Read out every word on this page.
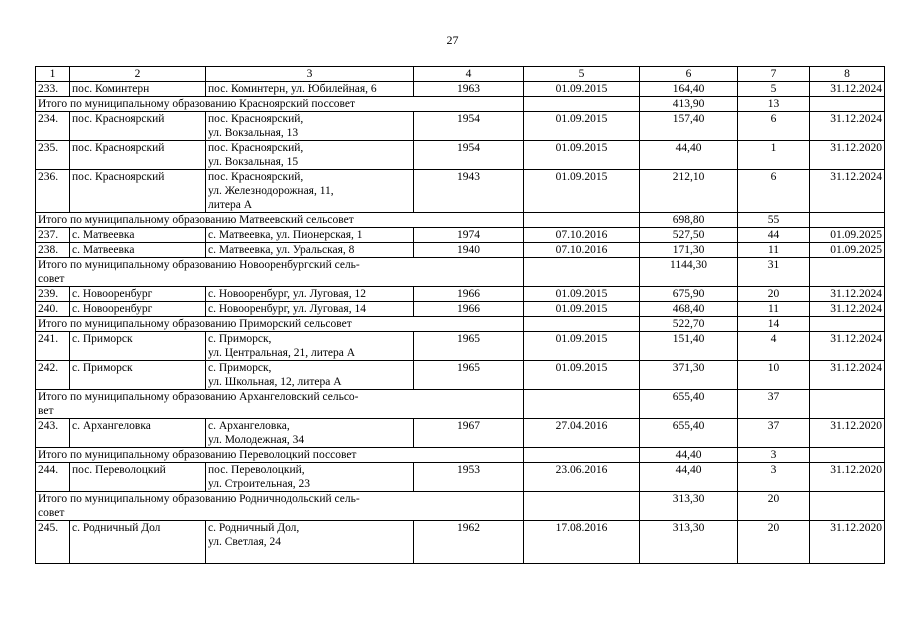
27
1	2	3	4	5	6	7	8
233.	пос. Коминтерн	пос. Коминтерн, ул. Юбилейная, 6	1963	01.09.2015	164,40	5	31.12.2024

Итого по муниципальному образованию Красноярский поссовет					413,90	13	
234.	пос. Красноярский	пос. Красноярский,
ул. Вокзальная, 13	1954	01.09.2015	157,40	6	31.12.2024
235.	пос. Красноярский	пос. Красноярский,
ул. Вокзальная, 15	1954	01.09.2015	44,40	1	31.12.2020
236.	пос. Красноярский	пос. Красноярский,
ул. Железнодорожная, 11,
литера А	1943	01.09.2015	212,10	6	31.12.2024

Итого по муниципальному образованию Матвеевский сельсовет					698,80	55	
237.	с. Матвеевка	с. Матвеевка, ул. Пионерская, 1	1974	07.10.2016	527,50	44	01.09.2025
238.	с. Матвеевка	с. Матвеевка, ул. Уральская, 8	1940	07.10.2016	171,30	11	01.09.2025

Итого по муниципальному образованию Новооренбургский сель-
совет					1144,30	31	
239.	с. Новооренбург	с. Новооренбург, ул. Луговая, 12	1966	01.09.2015	675,90	20	31.12.2024
240.	с. Новооренбург	с. Новооренбург, ул. Луговая, 14	1966	01.09.2015	468,40	11	31.12.2024

Итого по муниципальному образованию Приморский сельсовет					522,70	14	
241.	с. Приморск	с. Приморск,
ул. Центральная, 21, литера А	1965	01.09.2015	151,40	4	31.12.2024
242.	с. Приморск	с. Приморск,
ул. Школьная, 12, литера А	1965	01.09.2015	371,30	10	31.12.2024

Итого по муниципальному образованию Архангеловский сельсо-
вет					655,40	37	
243.	с. Архангеловка	с. Архангеловка,
ул. Молодежная, 34	1967	27.04.2016	655,40	37	31.12.2020

Итого по муниципальному образованию Переволоцкий поссовет					44,40	3	
244.	пос. Переволоцкий	пос. Переволоцкий,
ул. Строительная, 23	1953	23.06.2016	44,40	3	31.12.2020

Итого по муниципальному образованию Родничнодольский сель-
совет					313,30	20	
245.	с. Родничный Дол	с. Родничный Дол,
ул. Светлая, 24	1962	17.08.2016	313,30	20	31.12.2020
